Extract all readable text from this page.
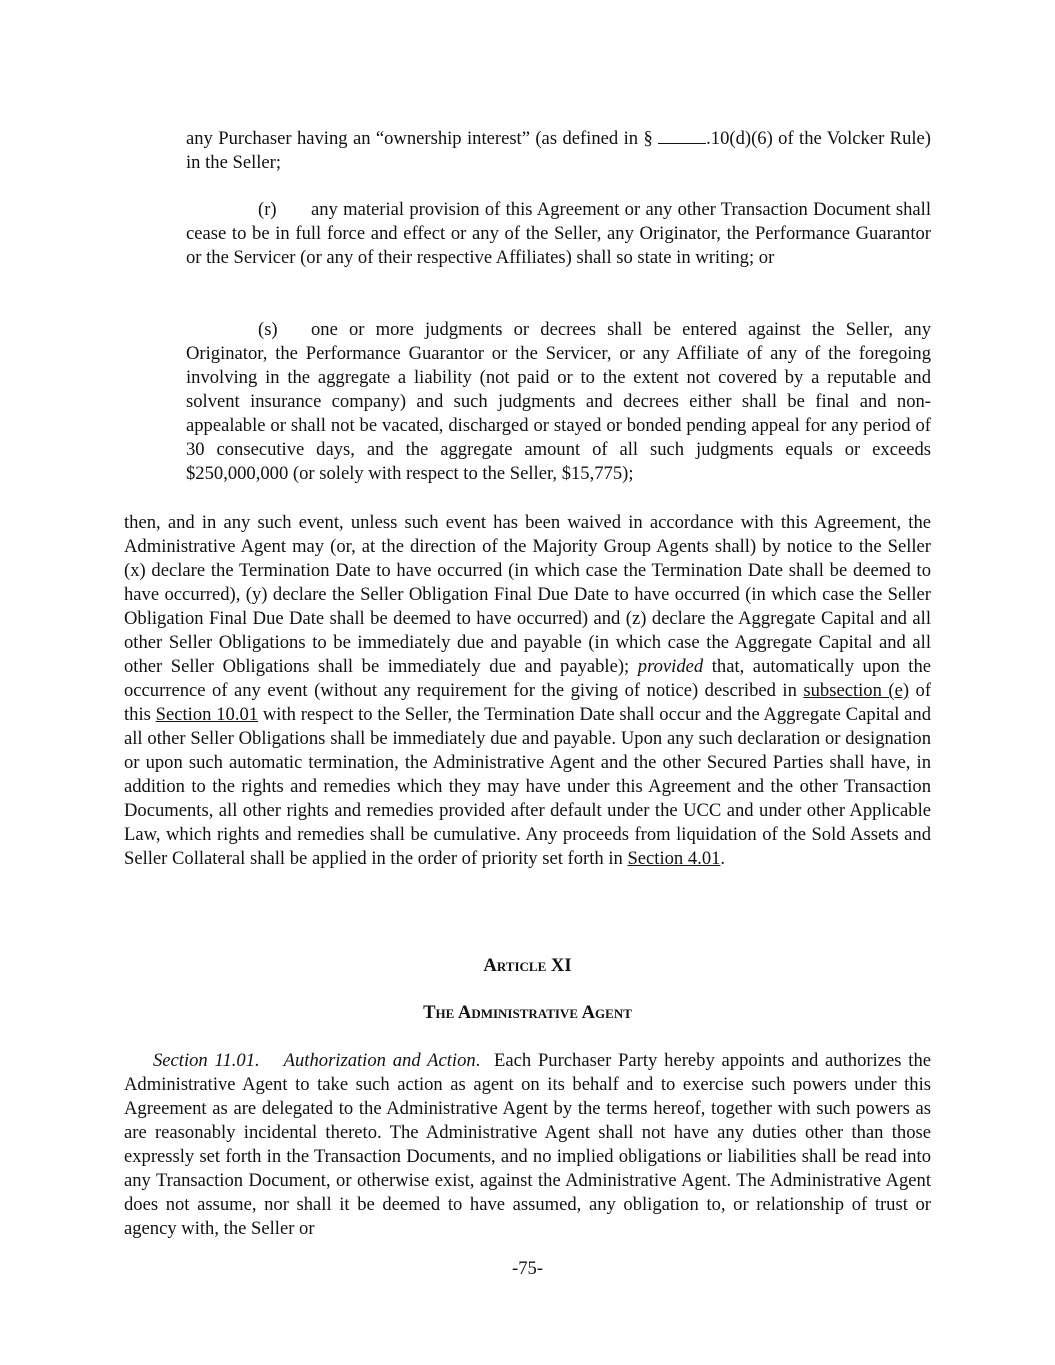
any Purchaser having an “ownership interest” (as defined in §	.10(d)(6) of the Volcker Rule) in the Seller;

(r) any material provision of this Agreement or any other Transaction Document shall cease to be in full force and effect or any of the Seller, any Originator, the Performance Guarantor or the Servicer (or any of their respective Affiliates) shall so state in writing; or

(s) one or more judgments or decrees shall be entered against the Seller, any Originator, the Performance Guarantor or the Servicer, or any Affiliate of any of the foregoing involving in the aggregate a liability (not paid or to the extent not covered by a reputable and solvent insurance company) and such judgments and decrees either shall be final and non-appealable or shall not be vacated, discharged or stayed or bonded pending appeal for any period of 30 consecutive days, and the aggregate amount of all such judgments equals or exceeds $250,000,000 (or solely with respect to the Seller, $15,775);

then, and in any such event, unless such event has been waived in accordance with this Agreement, the Administrative Agent may (or, at the direction of the Majority Group Agents shall) by notice to the Seller (x) declare the Termination Date to have occurred (in which case the Termination Date shall be deemed to have occurred), (y) declare the Seller Obligation Final Due Date to have occurred (in which case the Seller Obligation Final Due Date shall be deemed to have occurred) and (z) declare the Aggregate Capital and all other Seller Obligations to be immediately due and payable (in which case the Aggregate Capital and all other Seller Obligations shall be immediately due and payable); provided that, automatically upon the occurrence of any event (without any requirement for the giving of notice) described in subsection (e) of this Section 10.01 with respect to the Seller, the Termination Date shall occur and the Aggregate Capital and all other Seller Obligations shall be immediately due and payable. Upon any such declaration or designation or upon such automatic termination, the Administrative Agent and the other Secured Parties shall have, in addition to the rights and remedies which they may have under this Agreement and the other Transaction Documents, all other rights and remedies provided after default under the UCC and under other Applicable Law, which rights and remedies shall be cumulative. Any proceeds from liquidation of the Sold Assets and Seller Collateral shall be applied in the order of priority set forth in Section 4.01.

Article XI
The Administrative Agent

Section 11.01. Authorization and Action. Each Purchaser Party hereby appoints and authorizes the Administrative Agent to take such action as agent on its behalf and to exercise such powers under this Agreement as are delegated to the Administrative Agent by the terms hereof, together with such powers as are reasonably incidental thereto. The Administrative Agent shall not have any duties other than those expressly set forth in the Transaction Documents, and no implied obligations or liabilities shall be read into any Transaction Document, or otherwise exist, against the Administrative Agent. The Administrative Agent does not assume, nor shall it be deemed to have assumed, any obligation to, or relationship of trust or agency with, the Seller or

-75-
